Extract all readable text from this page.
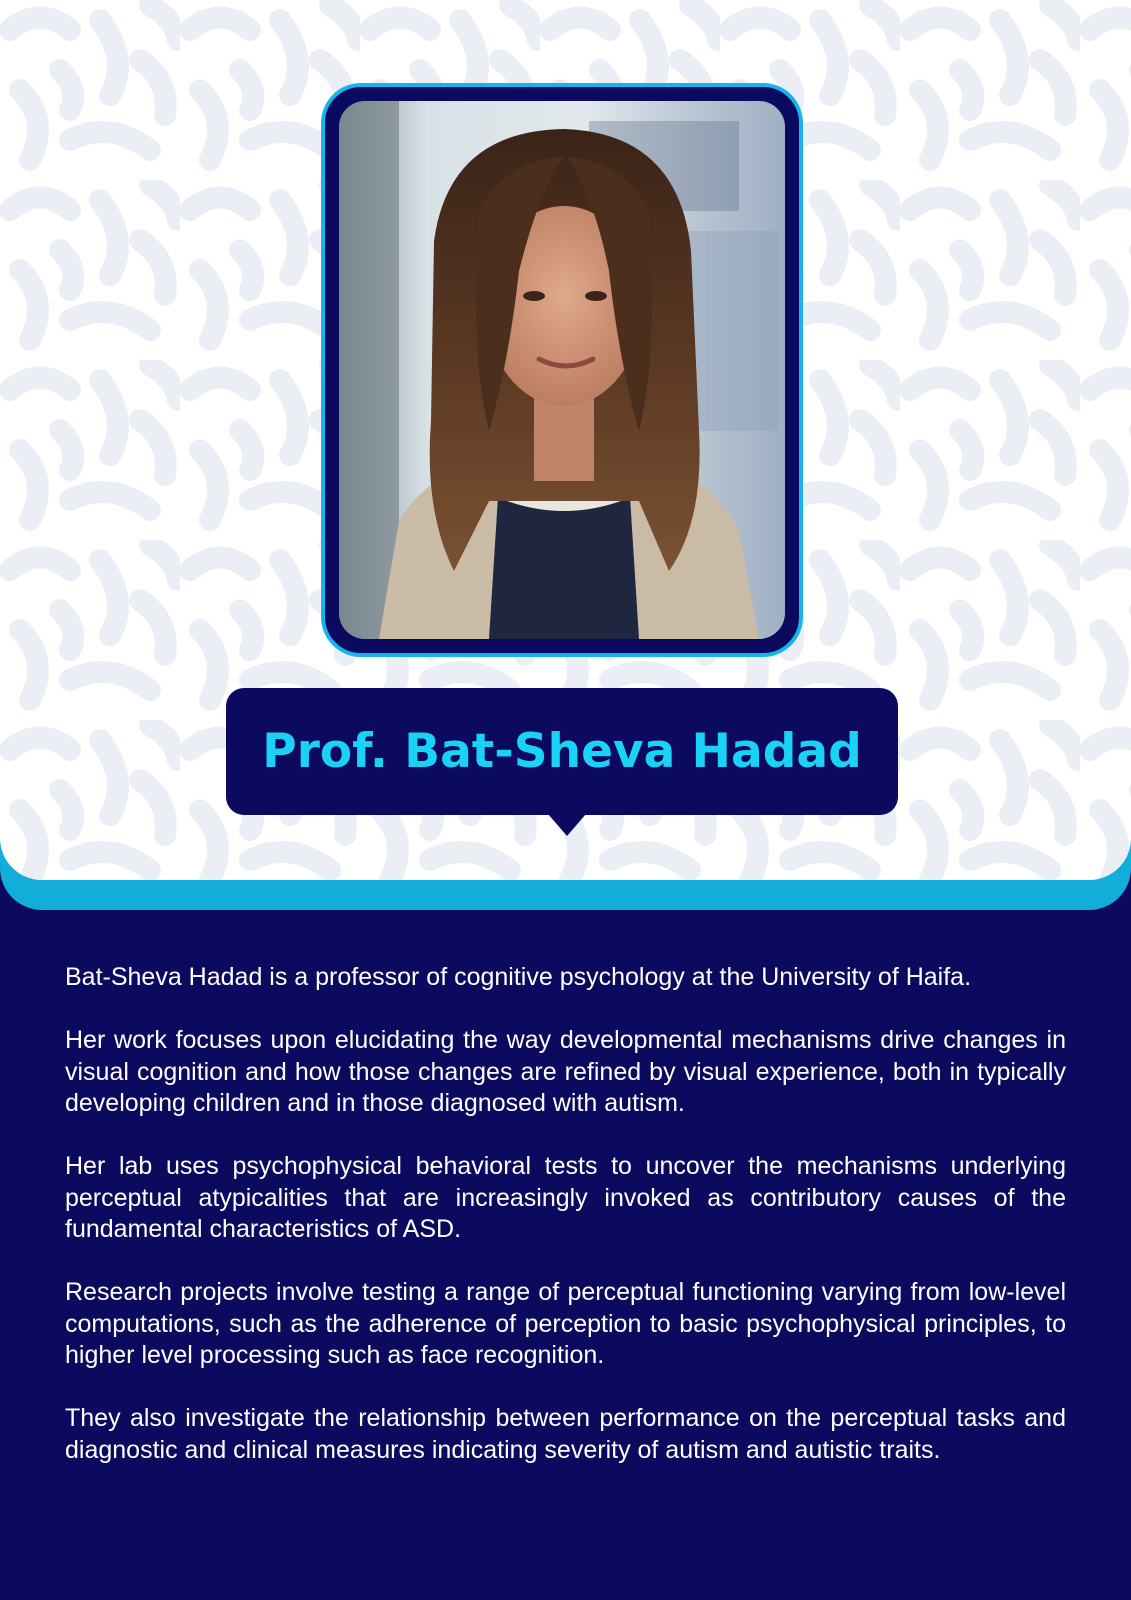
Prof. Bat-Sheva Hadad

Bat-Sheva Hadad is a professor of cognitive psychology at the University of Haifa.

Her work focuses upon elucidating the way developmental mechanisms drive changes in visual cognition and how those changes are refined by visual experience, both in typically developing children and in those diagnosed with autism.

Her lab uses psychophysical behavioral tests to uncover the mechanisms underlying perceptual atypicalities that are increasingly invoked as contributory causes of the fundamental characteristics of ASD.

Research projects involve testing a range of perceptual functioning varying from low-level computations, such as the adherence of perception to basic psychophysical principles, to higher level processing such as face recognition.

They also investigate the relationship between performance on the perceptual tasks and diagnostic and clinical measures indicating severity of autism and autistic traits.
